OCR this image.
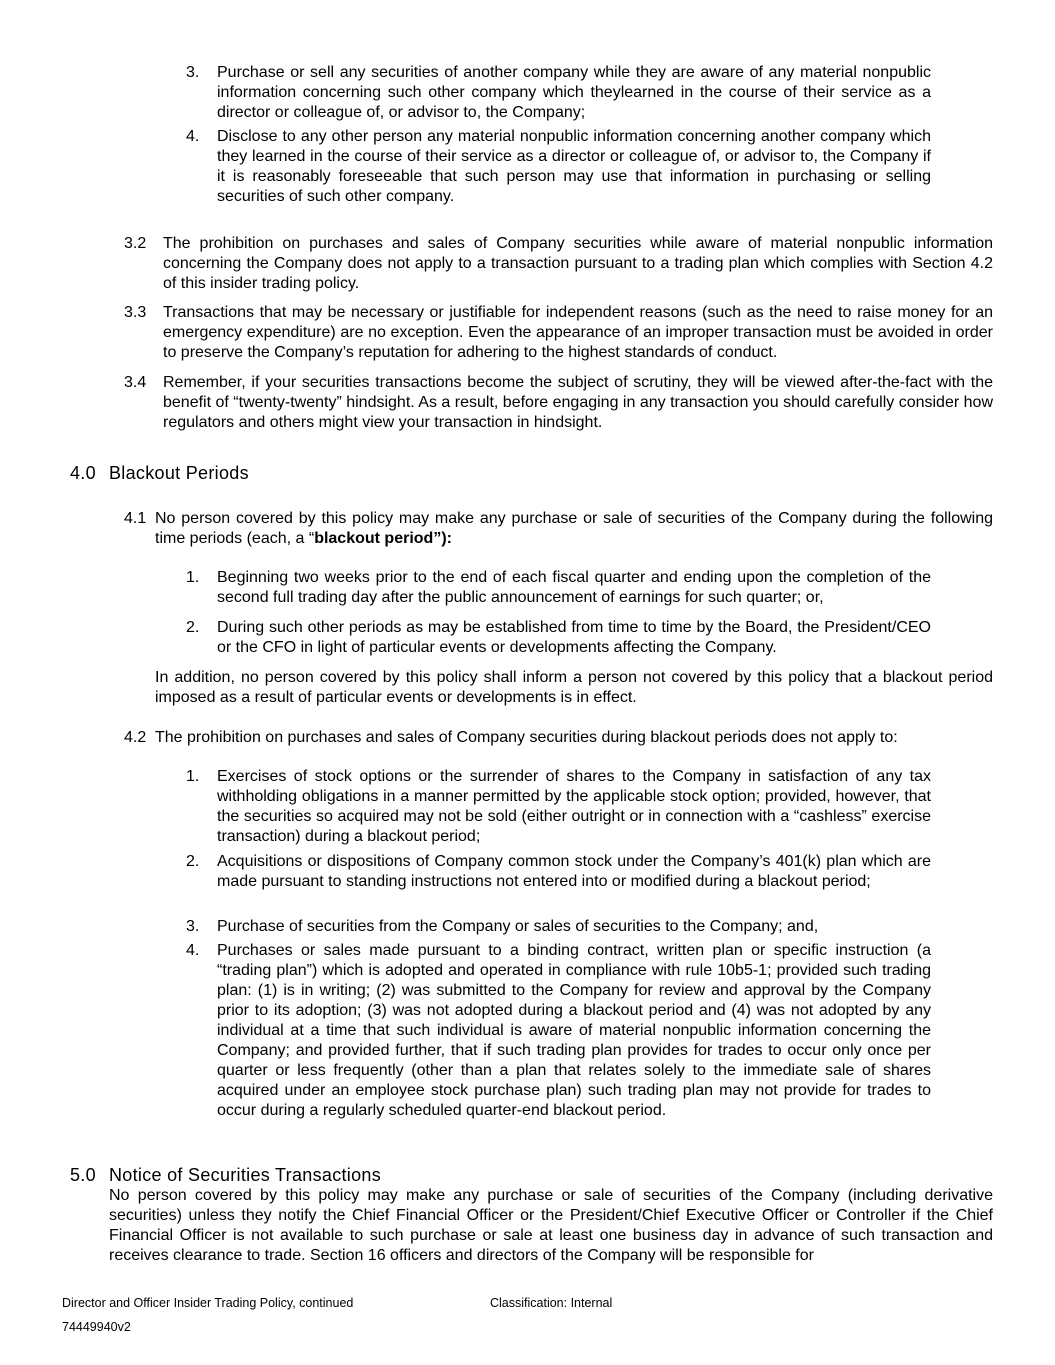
3.	Purchase or sell any securities of another company while they are aware of any material nonpublic information concerning such other company which theylearned in the course of their service as a director or colleague of, or advisor to, the Company;

4.	Disclose to any other person any material nonpublic information concerning another company which they learned in the course of their service as a director or colleague of, or advisor to, the Company if it is reasonably foreseeable that such person may use that information in purchasing or selling securities of such other company.

3.2	The prohibition on purchases and sales of Company securities while aware of material nonpublic information concerning the Company does not apply to a transaction pursuant to a trading plan which complies with Section 4.2 of this insider trading policy.

3.3	Transactions that may be necessary or justifiable for independent reasons (such as the need to raise money for an emergency expenditure) are no exception. Even the appearance of an improper transaction must be avoided in order to preserve the Company’s reputation for adhering to the highest standards of conduct.

3.4	Remember, if your securities transactions become the subject of scrutiny, they will be viewed after-the-fact with the benefit of “twenty-twenty” hindsight. As a result, before engaging in any transaction you should carefully consider how regulators and others might view your transaction in hindsight.

4.0 Blackout Periods
4.1 No person covered by this policy may make any purchase or sale of securities of the Company during the following time periods (each, a “blackout period”):

1.	Beginning two weeks prior to the end of each fiscal quarter and ending upon the completion of the second full trading day after the public announcement of earnings for such quarter; or,

2.	During such other periods as may be established from time to time by the Board, the President/CEO or the CFO in light of particular events or developments affecting the Company.

In addition, no person covered by this policy shall inform a person not covered by this policy that a blackout period imposed as a result of particular events or developments is in effect.

4.2 The prohibition on purchases and sales of Company securities during blackout periods does not apply to:

1.	Exercises of stock options or the surrender of shares to the Company in satisfaction of any tax withholding obligations in a manner permitted by the applicable stock option; provided, however, that the securities so acquired may not be sold (either outright or in connection with a “cashless” exercise transaction) during a blackout period;

2.	Acquisitions or dispositions of Company common stock under the Company’s 401(k) plan which are made pursuant to standing instructions not entered into or modified during a blackout period;

3.	Purchase of securities from the Company or sales of securities to the Company; and,

4.	Purchases or sales made pursuant to a binding contract, written plan or specific instruction (a “trading plan”) which is adopted and operated in compliance with rule 10b5-1; provided such trading plan: (1) is in writing; (2) was submitted to the Company for review and approval by the Company prior to its adoption; (3) was not adopted during a blackout period and (4) was not adopted by any individual at a time that such individual is aware of material nonpublic information concerning the Company; and provided further, that if such trading plan provides for trades to occur only once per quarter or less frequently (other than a plan that relates solely to the immediate sale of shares acquired under an employee stock purchase plan) such trading plan may not provide for trades to occur during a regularly scheduled quarter-end blackout period.

5.0 Notice of Securities Transactions

No person covered by this policy may make any purchase or sale of securities of the Company (including derivative securities) unless they notify the Chief Financial Officer or the President/Chief Executive Officer or Controller if the Chief Financial Officer is not available to such purchase or sale at least one business day in advance of such transaction and receives clearance to trade. Section 16 officers and directors of the Company will be responsible for

Director and Officer Insider Trading Policy, continued	Classification: Internal
74449940v2
